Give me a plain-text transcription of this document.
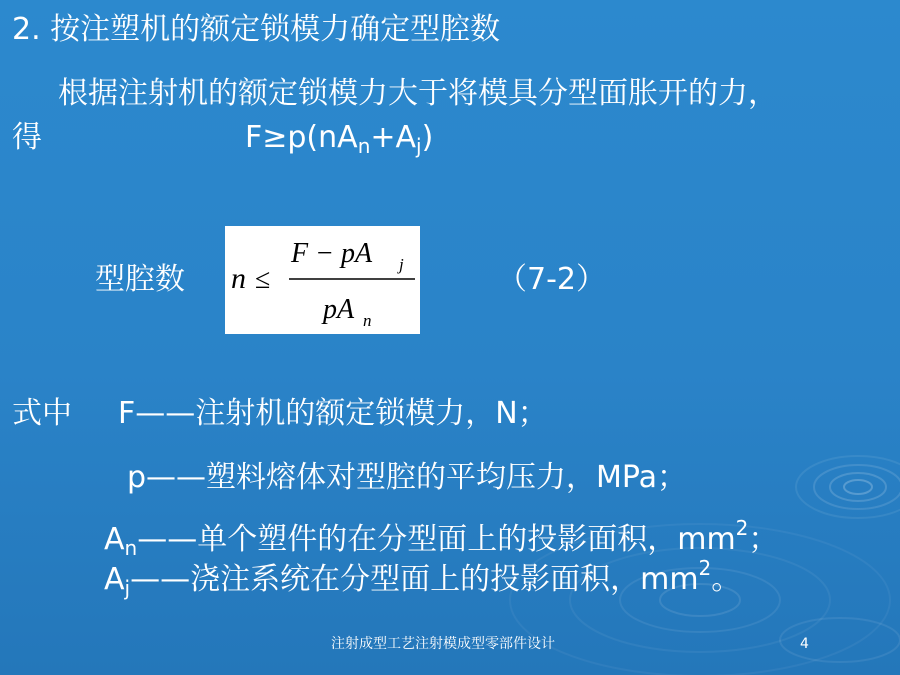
2. 按注塑机的额定锁模力确定型腔数
根据注射机的额定锁模力大于将模具分型面胀开的力，
得	$F\ge p(nA_n+A_j)$
型腔数 n ≤
F − pA j
pA n
（7-2）
式中 F——注射机的额定锁模力，N；
p——塑料熔体对型腔的平均压力，MPa；
$A_n——$单个塑件的在分型面上的投影面积，$mm^2$；
$A_j——$浇注系统在分型面上的投影面积，$mm^2$。
注射成型工艺注射模成型零部件设计	4
